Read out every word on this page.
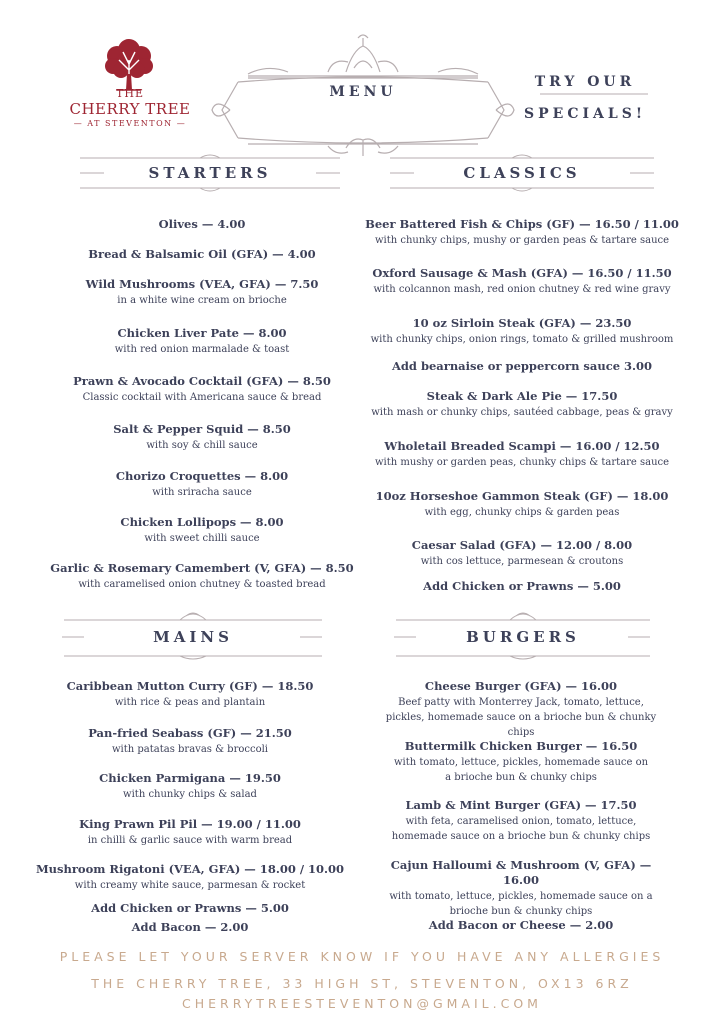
THE
CHERRY TREE
— AT STEVENTON —
MENU
TRY OUR
SPECIALS!
STARTERS	CLASSICS
Olives — 4.00
Bread & Balsamic Oil (GFA) — 4.00
Wild Mushrooms (VEA, GFA) — 7.50
in a white wine cream on brioche
Chicken Liver Pate — 8.00
with red onion marmalade & toast
Prawn & Avocado Cocktail (GFA) — 8.50
Classic cocktail with Americana sauce & bread
Salt & Pepper Squid — 8.50
with soy & chill sauce
Chorizo Croquettes — 8.00
with sriracha sauce
Chicken Lollipops — 8.00
with sweet chilli sauce
Garlic & Rosemary Camembert (V, GFA) — 8.50
with caramelised onion chutney & toasted bread
Beer Battered Fish & Chips (GF) — 16.50 / 11.00
with chunky chips, mushy or garden peas & tartare sauce
Oxford Sausage & Mash (GFA) — 16.50 / 11.50
with colcannon mash, red onion chutney & red wine gravy
10 oz Sirloin Steak (GFA) — 23.50
with chunky chips, onion rings, tomato & grilled mushroom
Add bearnaise or peppercorn sauce 3.00
Steak & Dark Ale Pie — 17.50
with mash or chunky chips, sautéed cabbage, peas & gravy
Wholetail Breaded Scampi — 16.00 / 12.50
with mushy or garden peas, chunky chips & tartare sauce
10oz Horseshoe Gammon Steak (GF) — 18.00
with egg, chunky chips & garden peas
Caesar Salad (GFA) — 12.00 / 8.00
with cos lettuce, parmesean & croutons
Add Chicken or Prawns — 5.00
MAINS	BURGERS
Caribbean Mutton Curry (GF) — 18.50
with rice & peas and plantain
Pan-fried Seabass (GF) — 21.50
with patatas bravas & broccoli
Chicken Parmigana — 19.50
with chunky chips & salad
King Prawn Pil Pil — 19.00 / 11.00
in chilli & garlic sauce with warm bread
Mushroom Rigatoni (VEA, GFA) — 18.00 / 10.00
with creamy white sauce, parmesan & rocket
Add Chicken or Prawns — 5.00
Add Bacon — 2.00
Cheese Burger (GFA) — 16.00
Beef patty with Monterrey Jack, tomato, lettuce, pickles, homemade sauce on a brioche bun & chunky chips
Buttermilk Chicken Burger — 16.50
with tomato, lettuce, pickles, homemade sauce on a brioche bun & chunky chips
Lamb & Mint Burger (GFA) — 17.50
with feta, caramelised onion, tomato, lettuce, homemade sauce on a brioche bun & chunky chips
Cajun Halloumi & Mushroom (V, GFA) — 16.00
with tomato, lettuce, pickles, homemade sauce on a brioche bun & chunky chips
Add Bacon or Cheese — 2.00
PLEASE LET YOUR SERVER KNOW IF YOU HAVE ANY ALLERGIES
THE CHERRY TREE, 33 HIGH ST, STEVENTON, OX13 6RZ
CHERRYTREESTEVENTON@GMAIL.COM
